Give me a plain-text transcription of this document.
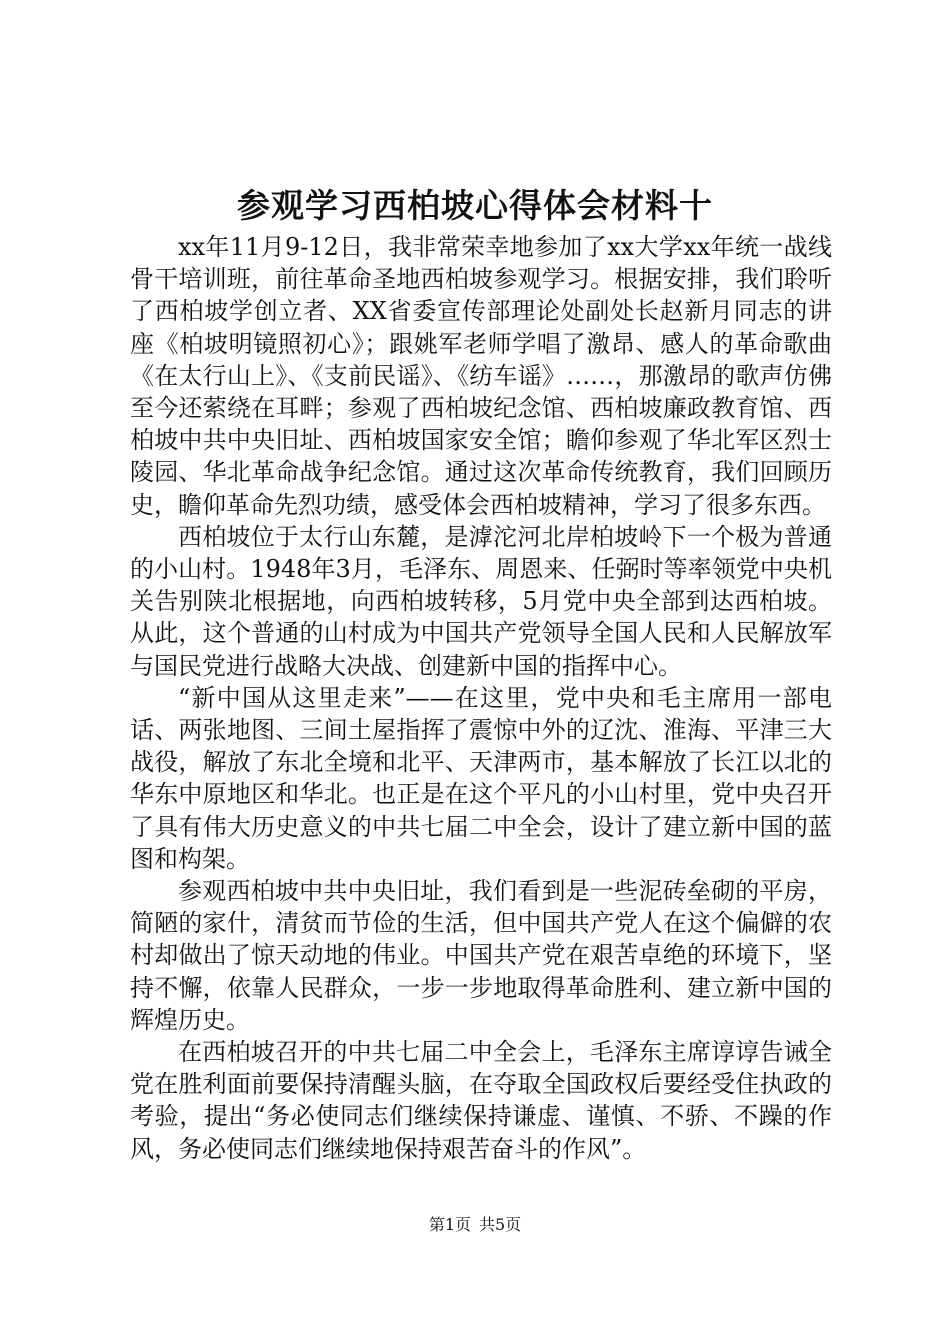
参观学习西柏坡心得体会材料十

xx年11月9-12日，我非常荣幸地参加了xx大学xx年统一战线骨干培训班，前往革命圣地西柏坡参观学习。根据安排，我们聆听了西柏坡学创立者、XX省委宣传部理论处副处长赵新月同志的讲座《柏坡明镜照初心》；跟姚军老师学唱了激昂、感人的革命歌曲《在太行山上》、《支前民谣》、《纺车谣》……，那激昂的歌声仿佛至今还萦绕在耳畔；参观了西柏坡纪念馆、西柏坡廉政教育馆、西柏坡中共中央旧址、西柏坡国家安全馆；瞻仰参观了华北军区烈士陵园、华北革命战争纪念馆。通过这次革命传统教育，我们回顾历史，瞻仰革命先烈功绩，感受体会西柏坡精神，学习了很多东西。

西柏坡位于太行山东麓，是滹沱河北岸柏坡岭下一个极为普通的小山村。1948年3月，毛泽东、周恩来、任弼时等率领党中央机关告别陕北根据地，向西柏坡转移，5月党中央全部到达西柏坡。从此，这个普通的山村成为中国共产党领导全国人民和人民解放军与国民党进行战略大决战、创建新中国的指挥中心。

“新中国从这里走来”——在这里，党中央和毛主席用一部电话、两张地图、三间土屋指挥了震惊中外的辽沈、淮海、平津三大战役，解放了东北全境和北平、天津两市，基本解放了长江以北的华东中原地区和华北。也正是在这个平凡的小山村里，党中央召开了具有伟大历史意义的中共七届二中全会，设计了建立新中国的蓝图和构架。

参观西柏坡中共中央旧址，我们看到是一些泥砖垒砌的平房，简陋的家什，清贫而节俭的生活，但中国共产党人在这个偏僻的农村却做出了惊天动地的伟业。中国共产党在艰苦卓绝的环境下，坚持不懈，依靠人民群众，一步一步地取得革命胜利、建立新中国的辉煌历史。

在西柏坡召开的中共七届二中全会上，毛泽东主席谆谆告诫全党在胜利面前要保持清醒头脑，在夺取全国政权后要经受住执政的考验，提出“务必使同志们继续保持谦虚、谨慎、不骄、不躁的作风，务必使同志们继续地保持艰苦奋斗的作风”。

第1页 共5页
